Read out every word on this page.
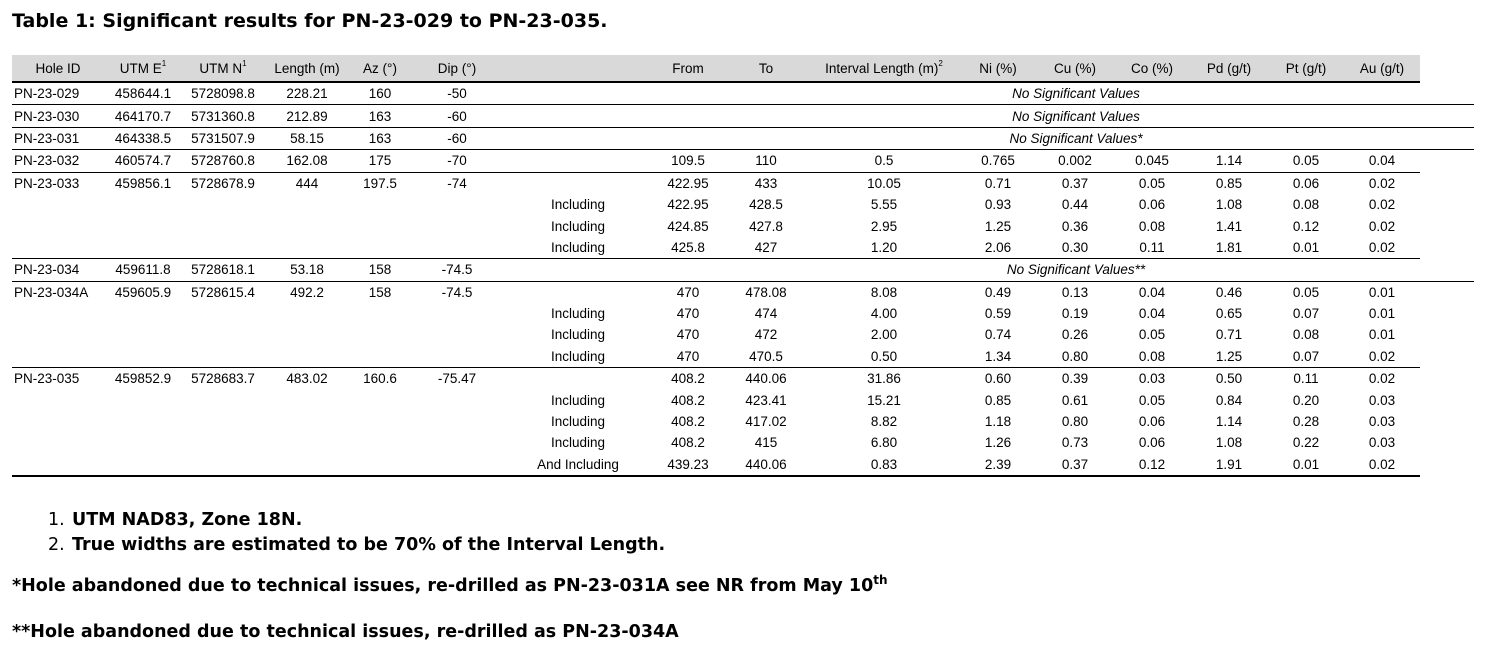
Table 1: Significant results for PN-23-029 to PN-23-035.
Hole ID	UTM $E^1$	UTM $N^1$	Length (m)	Az (°)	Dip (°)		From	To	Interval Length $(m)^2$	Ni (%)	Cu (%)	Co (%)	Pd (g/t)	Pt (g/t)	Au (g/t)	
PN-23-029	458644.1	5728098.8	228.21	160	-50				No Significant Values							
PN-23-030	464170.7	5731360.8	212.89	163	-60				No Significant Values							
PN-23-031	464338.5	5731507.9	58.15	163	-60				No Significant Values*							
PN-23-032	460574.7	5728760.8	162.08	175	-70		109.5	110	0.5	0.765	0.002	0.045	1.14	0.05	0.04	
PN-23-033	459856.1	5728678.9	444	197.5	-74		422.95	433	10.05	0.71	0.37	0.05	0.85	0.06	0.02	
						Including	422.95	428.5	5.55	0.93	0.44	0.06	1.08	0.08	0.02	
						Including	424.85	427.8	2.95	1.25	0.36	0.08	1.41	0.12	0.02	
						Including	425.8	427	1.20	2.06	0.30	0.11	1.81	0.01	0.02	
PN-23-034	459611.8	5728618.1	53.18	158	-74.5				No Significant Values**							
PN-23-034A	459605.9	5728615.4	492.2	158	-74.5		470	478.08	8.08	0.49	0.13	0.04	0.46	0.05	0.01	
						Including	470	474	4.00	0.59	0.19	0.04	0.65	0.07	0.01	
						Including	470	472	2.00	0.74	0.26	0.05	0.71	0.08	0.01	
						Including	470	470.5	0.50	1.34	0.80	0.08	1.25	0.07	0.02	
PN-23-035	459852.9	5728683.7	483.02	160.6	-75.47		408.2	440.06	31.86	0.60	0.39	0.03	0.50	0.11	0.02	
						Including	408.2	423.41	15.21	0.85	0.61	0.05	0.84	0.20	0.03	
						Including	408.2	417.02	8.82	1.18	0.80	0.06	1.14	0.28	0.03	
						Including	408.2	415	6.80	1.26	0.73	0.06	1.08	0.22	0.03	
						And Including	439.23	440.06	0.83	2.39	0.37	0.12	1.91	0.01	0.02	
1. UTM NAD83, Zone 18N.
2. True widths are estimated to be 70% of the Interval Length.
*Hole abandoned due to technical issues, re-drilled as PN-23-031A see NR from May 10th
**Hole abandoned due to technical issues, re-drilled as PN-23-034A
